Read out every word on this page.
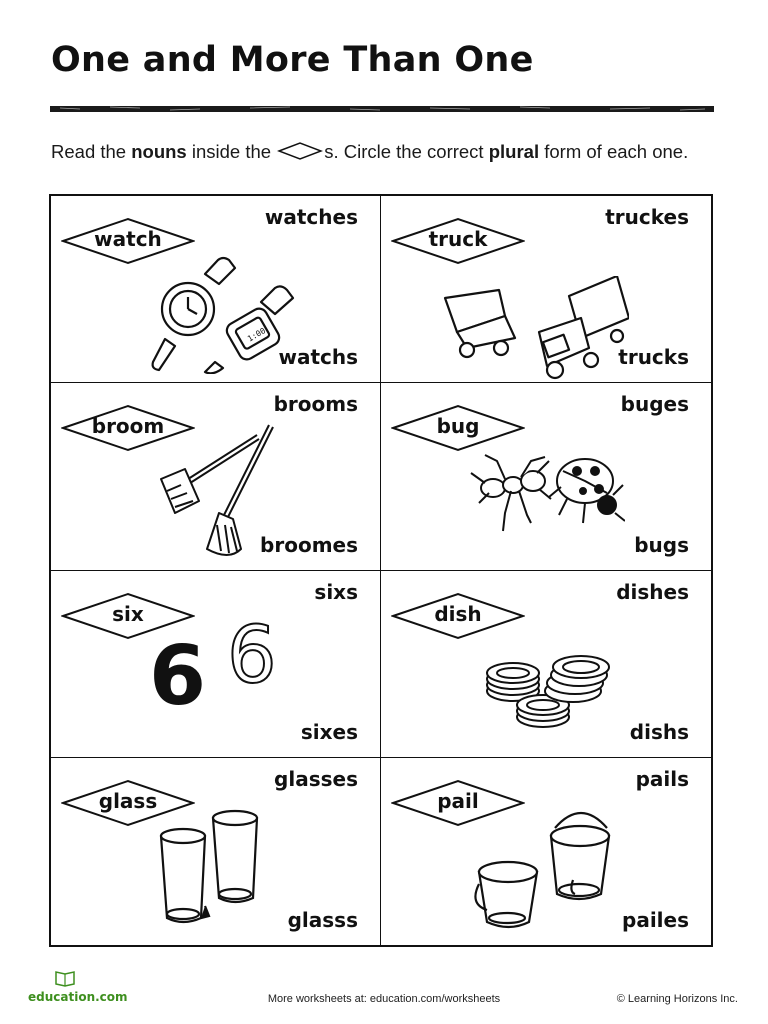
One and More Than One
Read the nouns inside the	s. Circle the correct plural form of each one.
watch
watches
watchs
1:00
truck
truckes
trucks
broom
brooms
broomes
bug
buges
bugs
six
sixs
sixes
6 6	dish
dishes
dishs
glass
glasses
glasss
pail
pails
pailes
education.com	More worksheets at: education.com/worksheets	© Learning Horizons Inc.
